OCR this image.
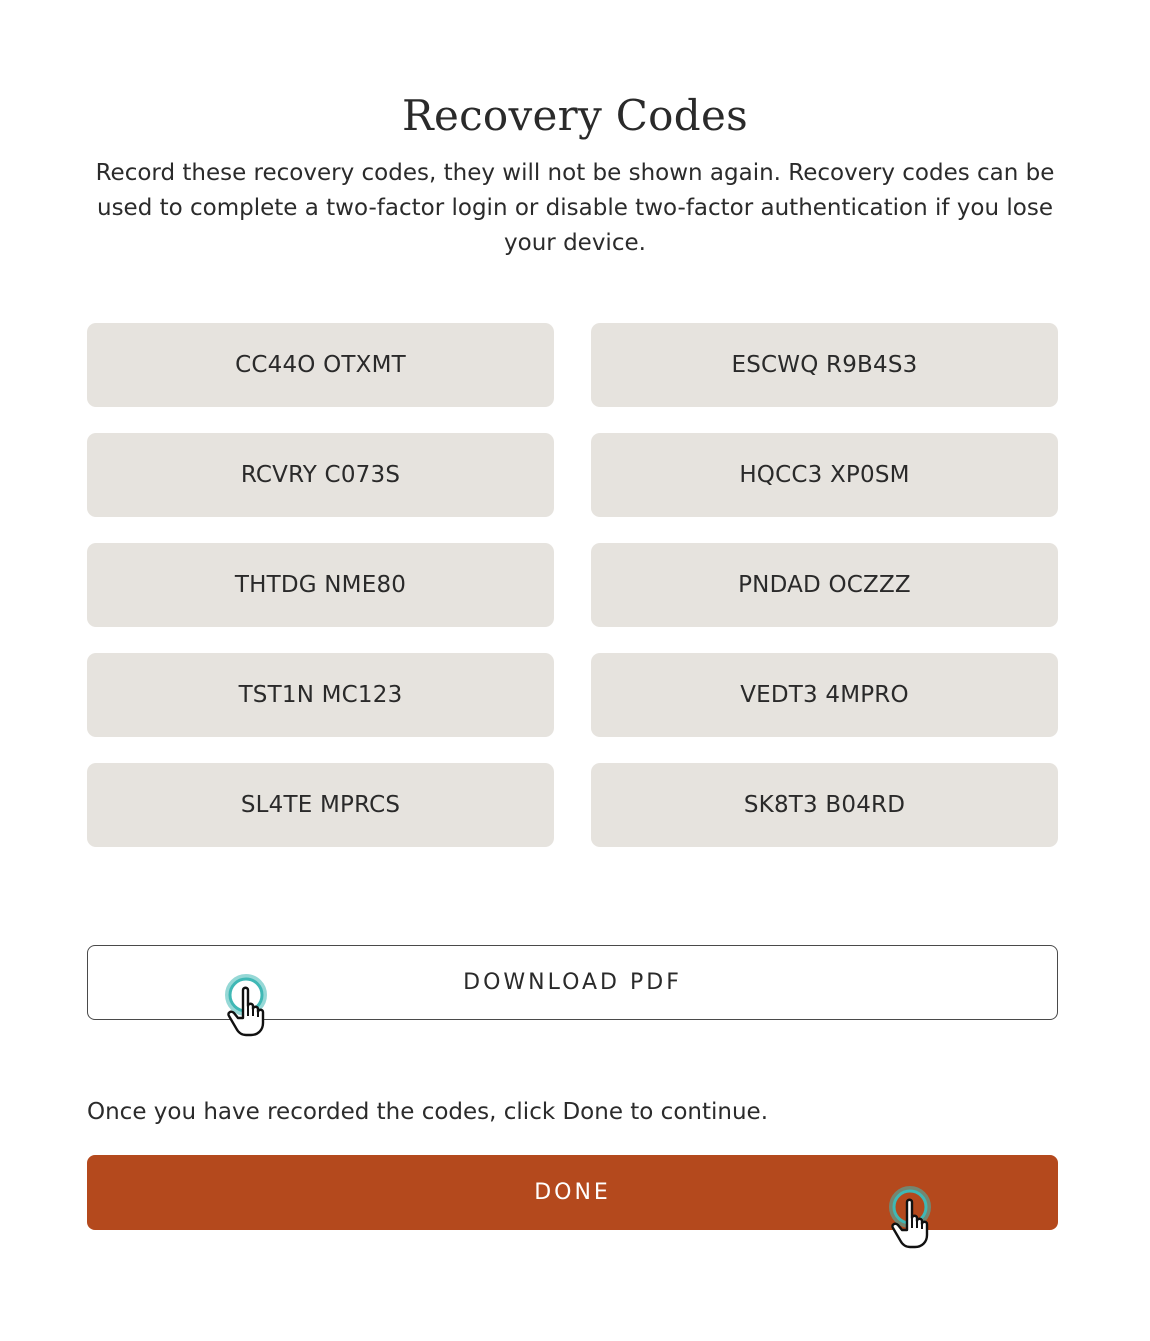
Recovery Codes
Record these recovery codes, they will not be shown again. Recovery codes can be used to complete a two-factor login or disable two-factor authentication if you lose your device.
CC44O OTXMT	ESCWQ R9B4S3
RCVRY C073S	HQCC3 XP0SM
THTDG NME80	PNDAD OCZZZ
TST1N MC123	VEDT3 4MPRO
SL4TE MPRCS	SK8T3 B04RD
DOWNLOAD PDF
Once you have recorded the codes, click Done to continue.
DONE
